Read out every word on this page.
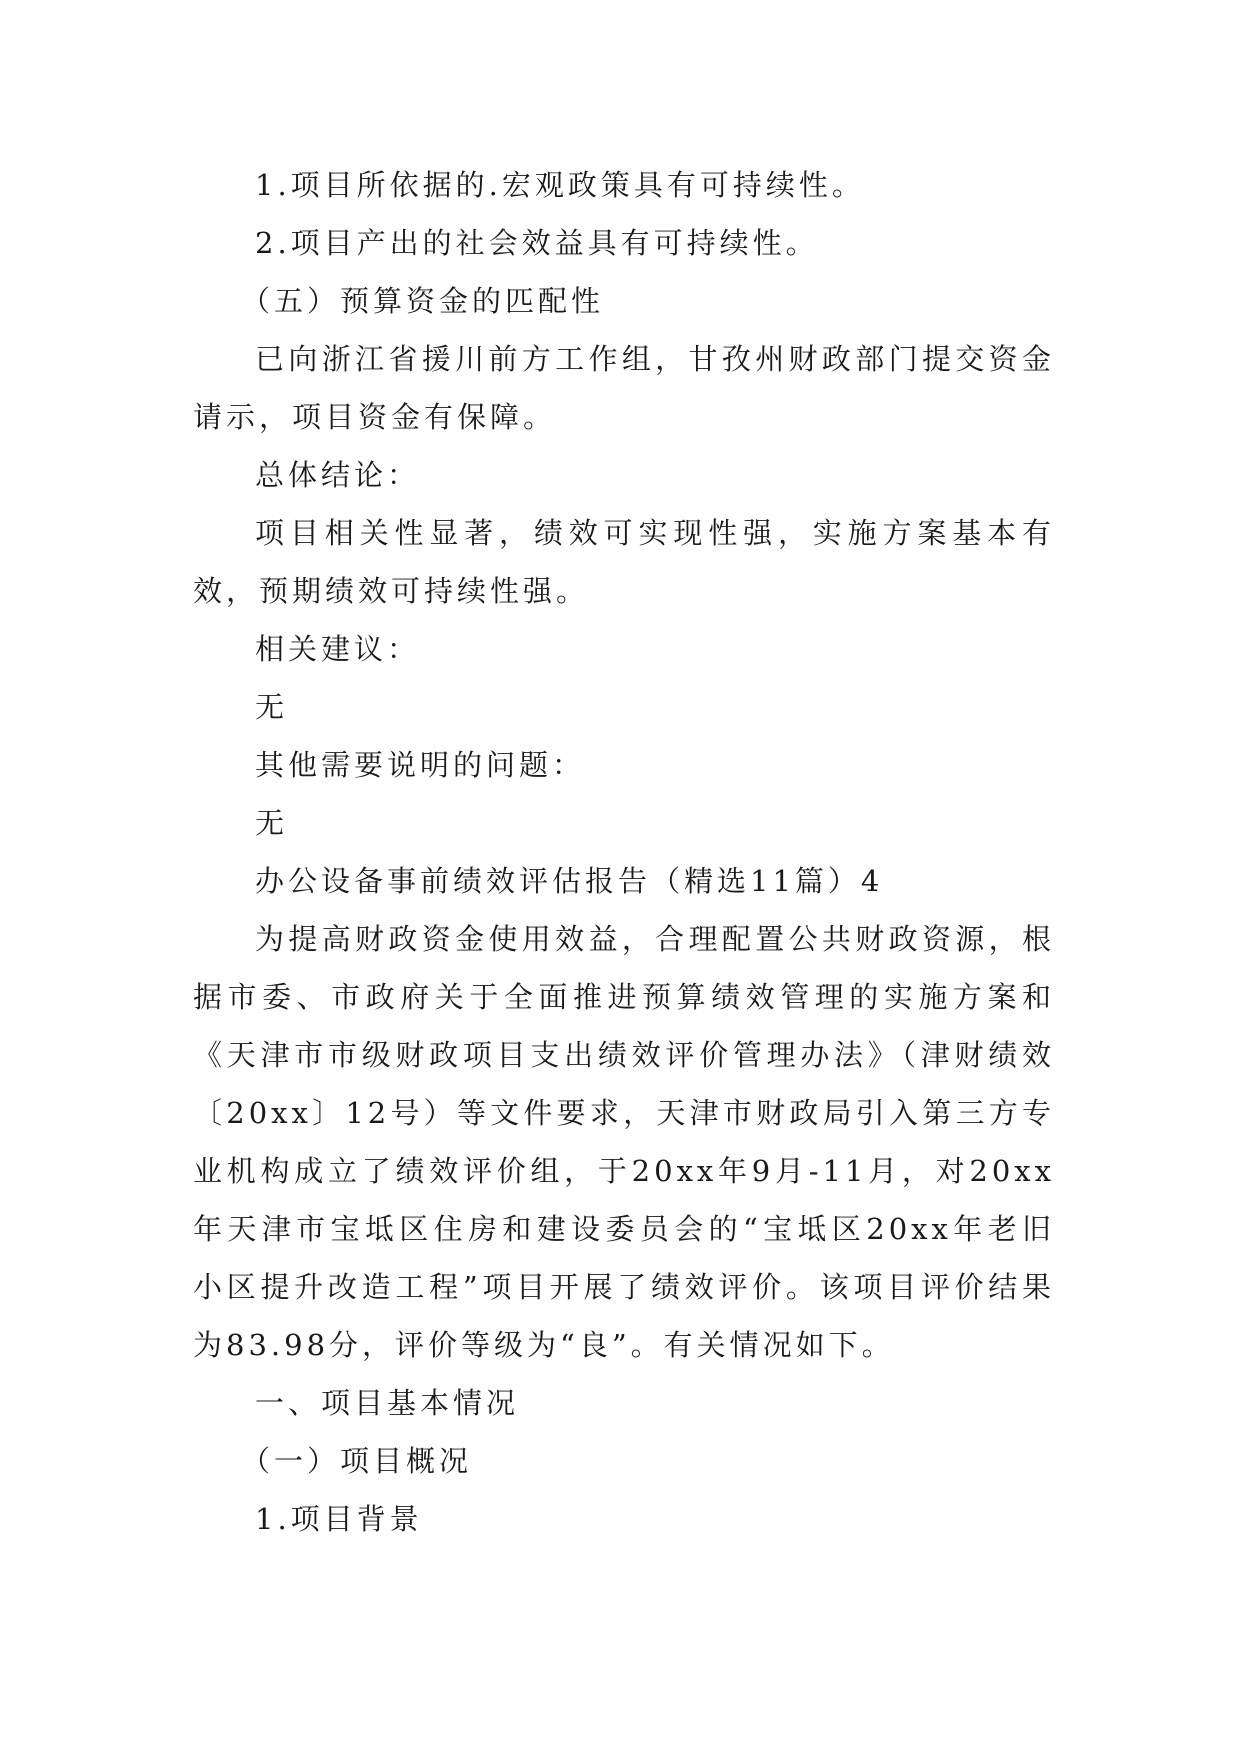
1.项目所依据的.宏观政策具有可持续性。

2.项目产出的社会效益具有可持续性。

（五）预算资金的匹配性

已向浙江省援川前方工作组，甘孜州财政部门提交资金请示，项目资金有保障。

总体结论：

项目相关性显著，绩效可实现性强，实施方案基本有效，预期绩效可持续性强。

相关建议：

无

其他需要说明的问题：

无

办公设备事前绩效评估报告（精选11篇）4

为提高财政资金使用效益，合理配置公共财政资源，根据市委、市政府关于全面推进预算绩效管理的实施方案和《天津市市级财政项目支出绩效评价管理办法》（津财绩效〔20xx〕12号）等文件要求，天津市财政局引入第三方专业机构成立了绩效评价组，于20xx年9月-11月，对20xx年天津市宝坻区住房和建设委员会的“宝坻区20xx年老旧小区提升改造工程”项目开展了绩效评价。该项目评价结果为83.98分，评价等级为“良”。有关情况如下。

一、项目基本情况

（一）项目概况

1.项目背景
